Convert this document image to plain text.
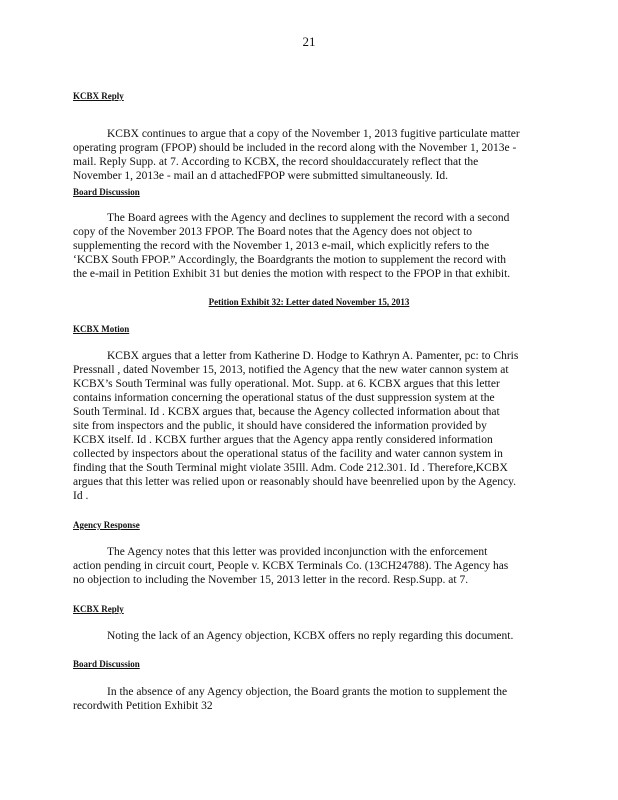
21
KCBX Reply
KCBX continues to argue that a copy of the November 1, 2013 fugitive particulate matter
operating program (FPOP) should be included in the record along with the November 1, 2013e -
mail. Reply Supp. at 7. According to KCBX, the record shouldaccurately reflect that the
November 1, 2013e - mail an d attachedFPOP were submitted simultaneously. Id.
Board Discussion
The Board agrees with the Agency and declines to supplement the record with a second
copy of the November 2013 FPOP. The Board notes that the Agency does not object to
supplementing the record with the November 1, 2013 e-mail, which explicitly refers to the
‘KCBX South FPOP.” Accordingly, the Boardgrants the motion to supplement the record with
the e-mail in Petition Exhibit 31 but denies the motion with respect to the FPOP in that exhibit.
Petition Exhibit 32: Letter dated November 15, 2013
KCBX Motion
KCBX argues that a letter from Katherine D. Hodge to Kathryn A. Pamenter, pc: to Chris
Pressnall , dated November 15, 2013, notified the Agency that the new water cannon system at
KCBX’s South Terminal was fully operational. Mot. Supp. at 6. KCBX argues that this letter
contains information concerning the operational status of the dust suppression system at the
South Terminal. Id . KCBX argues that, because the Agency collected information about that
site from inspectors and the public, it should have considered the information provided by
KCBX itself. Id . KCBX further argues that the Agency appa rently considered information
collected by inspectors about the operational status of the facility and water cannon system in
finding that the South Terminal might violate 35Ill. Adm. Code 212.301. Id . Therefore,KCBX
argues that this letter was relied upon or reasonably should have beenrelied upon by the Agency.
Id .
Agency Response
The Agency notes that this letter was provided inconjunction with the enforcement
action pending in circuit court, People v. KCBX Terminals Co. (13CH24788). The Agency has
no objection to including the November 15, 2013 letter in the record. Resp.Supp. at 7.
KCBX Reply
Noting the lack of an Agency objection, KCBX offers no reply regarding this document.
Board Discussion
In the absence of any Agency objection, the Board grants the motion to supplement the
recordwith Petition Exhibit 32
